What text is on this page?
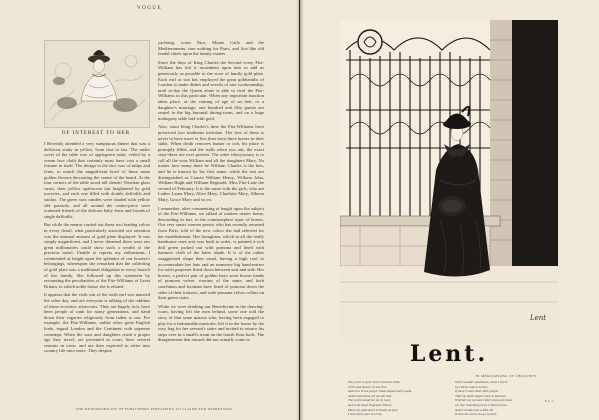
VOGUE
OF INTEREST TO HER

I Recently attended a very sumptuous dinner that was a delicious study in yellow, from first to last. The under cover of the table was of applegreen satin, veiled by a cream lace cloth that certainly must have cost a small fortune in itself. The design in the lace was of tulips and ferns, to match the magnificent bowl of these same golden flowers decorating the centre of the board. At the four corners of the table stood tall slender Venetian glass vases, their yellow opalescent tint heightened by gold traceries, and each one filled with double daffodils and smilax. The green wax candles were shaded with yellow silk parasols, and all around the centre-piece were scattered friends of the delicate baby ferns and fronds of single daffodils.

But while the menus carried out these two leading colors in every detail, what particularly attracted our attention was the unusual amount of gold plate displayed. It was simply magnificent, and I never dreamed there were our great millionaires could show such a wealth of the precious metal. Unable to repress my enthusiasm, I commented at length upon the splendor of our hostess's belongings, whereupon she remarked that the collecting of gold plate was a traditional obligation in every branch of her family. She followed up this statement by recounting the peculiarities of the Fitz-Williams of Great Britain, to which noble house she is related.

It appears that the sixth son of the sixth earl was married the other day, and are everyone is talking of the oddities of those eccentric aristocrats. They are hugely rich, have been people of rank for many generations, and hand down their vagaries religiously from father to son. For example, the Fitz-Williams, unlike other great English lords, regard London and the Continent with supreme contempt. When the sons and daughters reach a proper age they travel, are presented at court, have several seasons in town, and are then expected to retire into country life once more. They despise

yachting, scorn Nice, Monte Carlo and the Mediterranean, care nothing for Paris, and live like old feudal chiefs upon the family estates.

Since the days of King Charles the Second every Fitz-William has felt it incumbent upon him to add as generously as possible to the store of family gold plate. Each earl or son has employed the great goldsmiths of London to make dishes and vessels of rare workmanship, until to-day the Queen alone is able to rival the Fitz-Williams in this particular. When any important function takes place, as the coming of age of an heir, or a daughter's marriage, one hundred and fifty guests are seated in the big baronial dining-room, and on a huge mahogany table laid with gold.

Also, since King Charles's time the Fitz-Williams have preserved two traditions inviolate. The first of these is never to have more or less than sixty-three horses in their stalls. When death removes hunter or cob, his place is promptly filled, and the stalls when you ask, the exact sixty-three are ever present. The other idiosyncrasy is to call all the sons William and all the daughters Mary. No matter how many there be William Charles is the heir, and he is known by his first name, while the rest are distinguished as Cousin William Henry, William John, William Hugh and William Reginald. Miss Fitz-Lane the second of February. It is the same with the girls, who are Ladies Laura Mary, Alice Mary, Charlotte Mary, Alberta Mary, Grace Mary and so on.

I remember, after commenting at length upon the subject of the Fitz-Williams, we talked of matters nearer home, descending in fact, to the commonplace topic of horses. Our very smart women persist who has recently returned from Paris, told of the new colors she had selected for her establishment. Her brougham, which in all the really handsome ones are) was built to order, is painted a rich dull green picked out with pomona and lined with hammer cloth of the latter shade. It is of the rather exaggerated shape then usual, having a high roof to accommodate her hats and an immense big hand-mirror for toilet purposes fitted down between seat and side. Her horses, a perfect pair of golden bays wear brown bands of pomona velvet, rosettes of the same, and both coachman and footman have lined of pomona down the sides of their trousers, and wide pomona velvet collars on their green coats.

While we were drinking our Benedictine in the drawing-room, having left the men behind, some one told the story of that same matron who, having been engaged to play for a fashionable musicale, left it in the house by the way, bag for her servant's stairs and invited to retrace his steps over in a small's room on the fourth floor back. The disagreement that ensued did not actually come to

THE RESPONSIBILITY OF PUBLISHERS PERTAINING TO CLAIMS FOR EXPRESSION
·
Lent
Lent.
IN MEDITATIONS OF CHURCHES
The years is gone since I used to think
Of ill and flowers in the fine,
And now in the prayer book stayed that's good,
And I must leave all on one line.
The soul is dead for me in Lent,
And only beset fragrance blown,
Since my glad heart is Easter prayer,
I sent some yarn on Lent.
Still I wonder sometimes, when I kneel
So calmly and so serene
If there's some dear little prayer
That my heart might come in between
Whether my turnout I don't know the back
Or else something more I did not trow,
And I wonder just a little bit
Where the Loves do go in Lent.
E. L. C.
